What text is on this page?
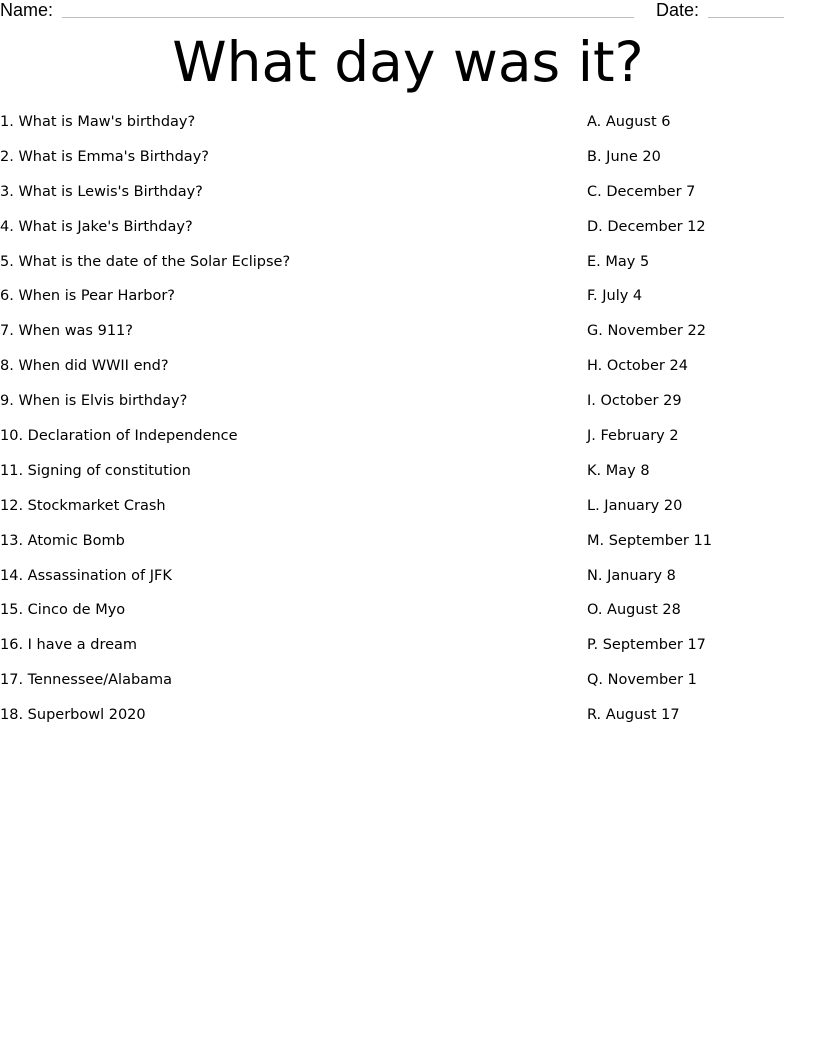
Name:	Date:
What day was it?
1. What is Maw's birthday?
2. What is Emma's Birthday?
3. What is Lewis's Birthday?
4. What is Jake's Birthday?
5. What is the date of the Solar Eclipse?
6. When is Pear Harbor?
7. When was 911?
8. When did WWII end?
9. When is Elvis birthday?
10. Declaration of Independence
11. Signing of constitution
12. Stockmarket Crash
13. Atomic Bomb
14. Assassination of JFK
15. Cinco de Myo
16. I have a dream
17. Tennessee/Alabama
18. Superbowl 2020
A. August 6
B. June 20
C. December 7
D. December 12
E. May 5
F. July 4
G. November 22
H. October 24
I. October 29
J. February 2
K. May 8
L. January 20
M. September 11
N. January 8
O. August 28
P. September 17
Q. November 1
R. August 17
